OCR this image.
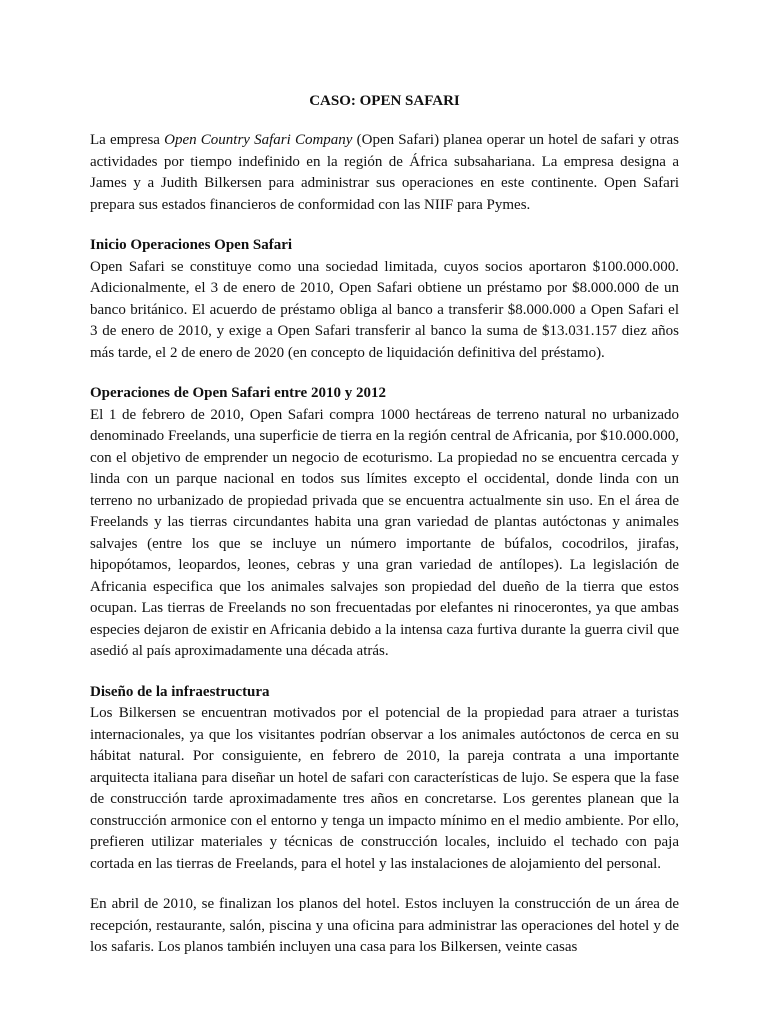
CASO: OPEN SAFARI

La empresa Open Country Safari Company (Open Safari) planea operar un hotel de safari y otras actividades por tiempo indefinido en la región de África subsahariana. La empresa designa a James y a Judith Bilkersen para administrar sus operaciones en este continente. Open Safari prepara sus estados financieros de conformidad con las NIIF para Pymes.

Inicio Operaciones Open Safari
Open Safari se constituye como una sociedad limitada, cuyos socios aportaron $100.000.000. Adicionalmente, el 3 de enero de 2010, Open Safari obtiene un préstamo por $8.000.000 de un banco británico. El acuerdo de préstamo obliga al banco a transferir $8.000.000 a Open Safari el 3 de enero de 2010, y exige a Open Safari transferir al banco la suma de $13.031.157 diez años más tarde, el 2 de enero de 2020 (en concepto de liquidación definitiva del préstamo).

Operaciones de Open Safari entre 2010 y 2012
El 1 de febrero de 2010, Open Safari compra 1000 hectáreas de terreno natural no urbanizado denominado Freelands, una superficie de tierra en la región central de Africania, por $10.000.000, con el objetivo de emprender un negocio de ecoturismo. La propiedad no se encuentra cercada y linda con un parque nacional en todos sus límites excepto el occidental, donde linda con un terreno no urbanizado de propiedad privada que se encuentra actualmente sin uso. En el área de Freelands y las tierras circundantes habita una gran variedad de plantas autóctonas y animales salvajes (entre los que se incluye un número importante de búfalos, cocodrilos, jirafas, hipopótamos, leopardos, leones, cebras y una gran variedad de antílopes). La legislación de Africania especifica que los animales salvajes son propiedad del dueño de la tierra que estos ocupan. Las tierras de Freelands no son frecuentadas por elefantes ni rinocerontes, ya que ambas especies dejaron de existir en Africania debido a la intensa caza furtiva durante la guerra civil que asedió al país aproximadamente una década atrás.

Diseño de la infraestructura
Los Bilkersen se encuentran motivados por el potencial de la propiedad para atraer a turistas internacionales, ya que los visitantes podrían observar a los animales autóctonos de cerca en su hábitat natural. Por consiguiente, en febrero de 2010, la pareja contrata a una importante arquitecta italiana para diseñar un hotel de safari con características de lujo. Se espera que la fase de construcción tarde aproximadamente tres años en concretarse. Los gerentes planean que la construcción armonice con el entorno y tenga un impacto mínimo en el medio ambiente. Por ello, prefieren utilizar materiales y técnicas de construcción locales, incluido el techado con paja cortada en las tierras de Freelands, para el hotel y las instalaciones de alojamiento del personal.

En abril de 2010, se finalizan los planos del hotel. Estos incluyen la construcción de un área de recepción, restaurante, salón, piscina y una oficina para administrar las operaciones del hotel y de los safaris. Los planos también incluyen una casa para los Bilkersen, veinte casas
